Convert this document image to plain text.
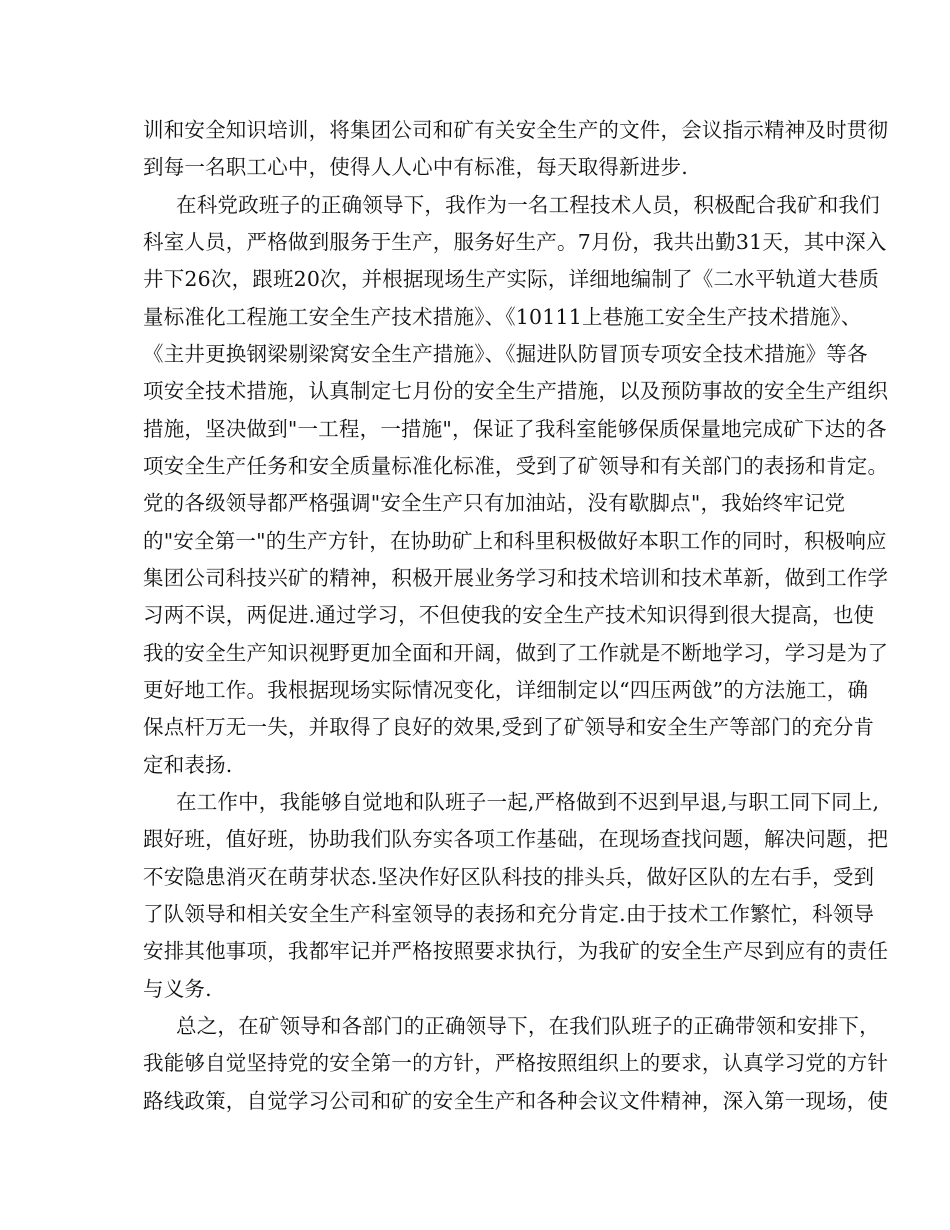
训和安全知识培训，将集团公司和矿有关安全生产的文件，会议指示精神及时贯彻
到每一名职工心中，使得人人心中有标准，每天取得新进步.
在科党政班子的正确领导下，我作为一名工程技术人员，积极配合我矿和我们
科室人员，严格做到服务于生产，服务好生产。7月份，我共出勤31天，其中深入
井下26次，跟班20次，并根据现场生产实际，详细地编制了《二水平轨道大巷质
量标准化工程施工安全生产技术措施》、《10111上巷施工安全生产技术措施》、
《主井更换钢梁剔梁窝安全生产措施》、《掘进队防冒顶专项安全技术措施》等各
项安全技术措施，认真制定七月份的安全生产措施，以及预防事故的安全生产组织
措施，坚决做到"一工程，一措施"，保证了我科室能够保质保量地完成矿下达的各
项安全生产任务和安全质量标准化标准，受到了矿领导和有关部门的表扬和肯定。
党的各级领导都严格强调"安全生产只有加油站，没有歇脚点"，我始终牢记党
的"安全第一"的生产方针，在协助矿上和科里积极做好本职工作的同时，积极响应
集团公司科技兴矿的精神，积极开展业务学习和技术培训和技术革新，做到工作学
习两不误，两促进.通过学习，不但使我的安全生产技术知识得到很大提高，也使
我的安全生产知识视野更加全面和开阔，做到了工作就是不断地学习，学习是为了
更好地工作。我根据现场实际情况变化，详细制定以“四压两戗”的方法施工，确
保点杆万无一失，并取得了良好的效果,受到了矿领导和安全生产等部门的充分肯
定和表扬.
在工作中，我能够自觉地和队班子一起,严格做到不迟到早退,与职工同下同上,
跟好班，值好班，协助我们队夯实各项工作基础，在现场查找问题，解决问题，把
不安隐患消灭在萌芽状态.坚决作好区队科技的排头兵，做好区队的左右手，受到
了队领导和相关安全生产科室领导的表扬和充分肯定.由于技术工作繁忙，科领导
安排其他事项，我都牢记并严格按照要求执行，为我矿的安全生产尽到应有的责任
与义务.
总之，在矿领导和各部门的正确领导下，在我们队班子的正确带领和安排下，
我能够自觉坚持党的安全第一的方针，严格按照组织上的要求，认真学习党的方针
路线政策，自觉学习公司和矿的安全生产和各种会议文件精神，深入第一现场，使
